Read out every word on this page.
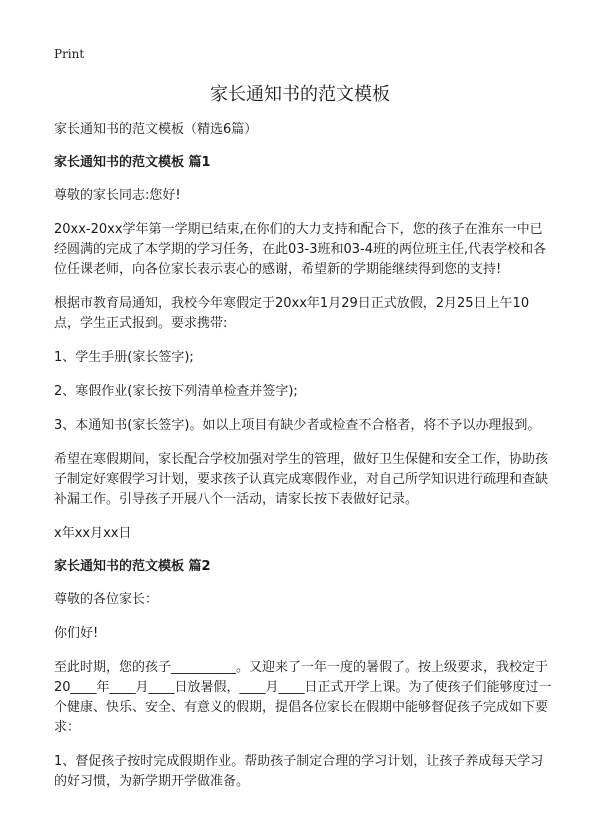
Print
家长通知书的范文模板

家长通知书的范文模板（精选6篇）

家长通知书的范文模板 篇1

尊敬的家长同志:您好!

20xx-20xx学年第一学期已结束,在你们的大力支持和配合下，您的孩子在淮东一中已经圆满的完成了本学期的学习任务，在此03-3班和03-4班的两位班主任,代表学校和各位任课老师，向各位家长表示衷心的感谢，希望新的学期能继续得到您的支持!

根据市教育局通知，我校今年寒假定于20xx年1月29日正式放假，2月25日上午10点，学生正式报到。要求携带:

1、学生手册(家长签字);

2、寒假作业(家长按下列清单检查并签字);

3、本通知书(家长签字)。如以上项目有缺少者或检查不合格者，将不予以办理报到。

希望在寒假期间，家长配合学校加强对学生的管理，做好卫生保健和安全工作，协助孩子制定好寒假学习计划，要求孩子认真完成寒假作业，对自己所学知识进行疏理和查缺补漏工作。引导孩子开展八个一活动，请家长按下表做好记录。

x年xx月xx日

家长通知书的范文模板 篇2

尊敬的各位家长：

你们好!

至此时期，您的孩子__________。又迎来了一年一度的暑假了。按上级要求，我校定于20____年____月____日放暑假，____月____日正式开学上课。为了使孩子们能够度过一个健康、快乐、安全、有意义的假期，提倡各位家长在假期中能够督促孩子完成如下要求：

1、督促孩子按时完成假期作业。帮助孩子制定合理的学习计划，让孩子养成每天学习的好习惯，为新学期开学做准备。
